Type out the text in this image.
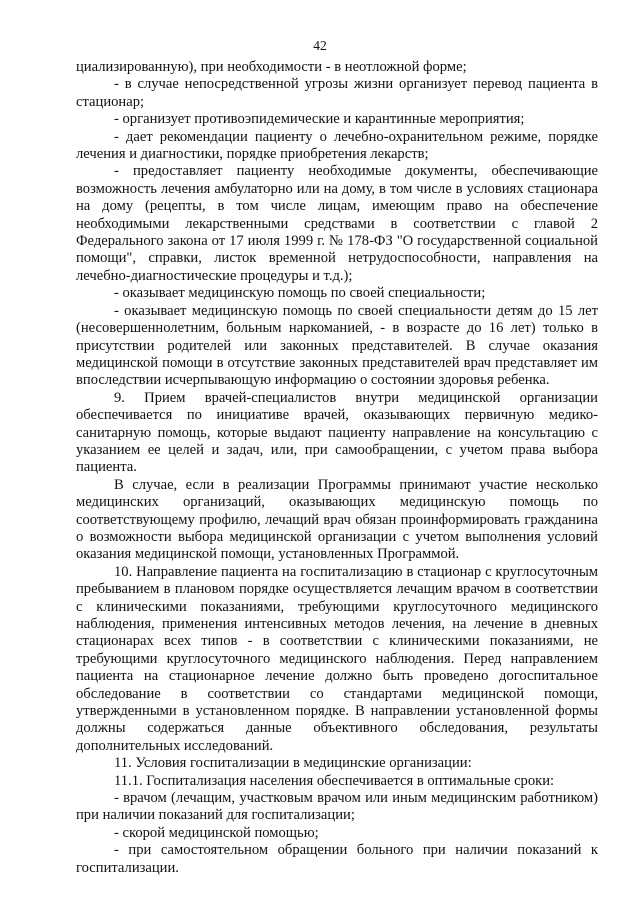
42

циализированную), при необходимости - в неотложной форме;

- в случае непосредственной угрозы жизни организует перевод пациента в стационар;

- организует противоэпидемические и карантинные мероприятия;

- дает рекомендации пациенту о лечебно-охранительном режиме, порядке лечения и диагностики, порядке приобретения лекарств;

- предоставляет пациенту необходимые документы, обеспечивающие возможность лечения амбулаторно или на дому, в том числе в условиях стационара на дому (рецепты, в том числе лицам, имеющим право на обеспечение необходимыми лекарственными средствами в соответствии с главой 2 Федерального закона от 17 июля 1999 г. № 178-ФЗ "О государственной социальной помощи", справки, листок временной нетрудоспособности, направления на лечебно-диагностические процедуры и т.д.);

- оказывает медицинскую помощь по своей специальности;

- оказывает медицинскую помощь по своей специальности детям до 15 лет (несовершеннолетним, больным наркоманией, - в возрасте до 16 лет) только в присутствии родителей или законных представителей. В случае оказания медицинской помощи в отсутствие законных представителей врач представляет им впоследствии исчерпывающую информацию о состоянии здоровья ребенка.

9. Прием врачей-специалистов внутри медицинской организации обеспечивается по инициативе врачей, оказывающих первичную медико-санитарную помощь, которые выдают пациенту направление на консультацию с указанием ее целей и задач, или, при самообращении, с учетом права выбора пациента.

В случае, если в реализации Программы принимают участие несколько медицинских организаций, оказывающих медицинскую помощь по соответствующему профилю, лечащий врач обязан проинформировать гражданина о возможности выбора медицинской организации с учетом выполнения условий оказания медицинской помощи, установленных Программой.

10. Направление пациента на госпитализацию в стационар с круглосуточным пребыванием в плановом порядке осуществляется лечащим врачом в соответствии с клиническими показаниями, требующими круглосуточного медицинского наблюдения, применения интенсивных методов лечения, на лечение в дневных стационарах всех типов - в соответствии с клиническими показаниями, не требующими круглосуточного медицинского наблюдения. Перед направлением пациента на стационарное лечение должно быть проведено догоспитальное обследование в соответствии со стандартами медицинской помощи, утвержденными в установленном порядке. В направлении установленной формы должны содержаться данные объективного обследования, результаты дополнительных исследований.

11. Условия госпитализации в медицинские организации:

11.1. Госпитализация населения обеспечивается в оптимальные сроки:

- врачом (лечащим, участковым врачом или иным медицинским работником) при наличии показаний для госпитализации;

- скорой медицинской помощью;

- при самостоятельном обращении больного при наличии показаний к госпитализации.
